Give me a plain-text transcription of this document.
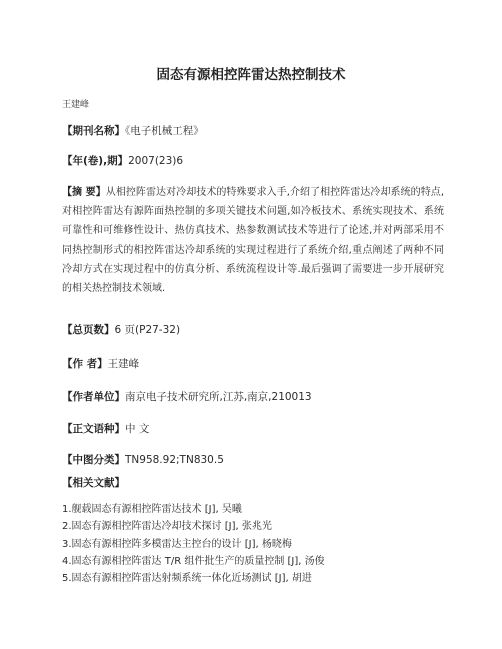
固态有源相控阵雷达热控制技术
王建峰
【期刊名称】《电子机械工程》
【年(卷),期】2007(23)6
【摘 要】从相控阵雷达对冷却技术的特殊要求入手,介绍了相控阵雷达冷却系统的特点,对相控阵雷达有源阵面热控制的多项关键技术问题,如冷板技术、系统实现技术、系统可靠性和可维修性设计、热仿真技术、热参数测试技术等进行了论述,并对两部采用不同热控制形式的相控阵雷达冷却系统的实现过程进行了系统介绍,重点阐述了两种不同冷却方式在实现过程中的仿真分析、系统流程设计等.最后强调了需要进一步开展研究的相关热控制技术领域.
【总页数】6 页(P27-32)
【作 者】王建峰
【作者单位】南京电子技术研究所,江苏,南京,210013
【正文语种】中 文
【中图分类】TN958.92;TN830.5
【相关文献】
1.舰载固态有源相控阵雷达技术 [J], 吴曦
2.固态有源相控阵雷达冷却技术探讨 [J], 张兆光
3.固态有源相控阵多模雷达主控台的设计 [J], 杨晓梅
4.固态有源相控阵雷达 T/R 组件批生产的质量控制 [J], 汤俊
5.固态有源相控阵雷达射频系统一体化近场测试 [J], 胡进
